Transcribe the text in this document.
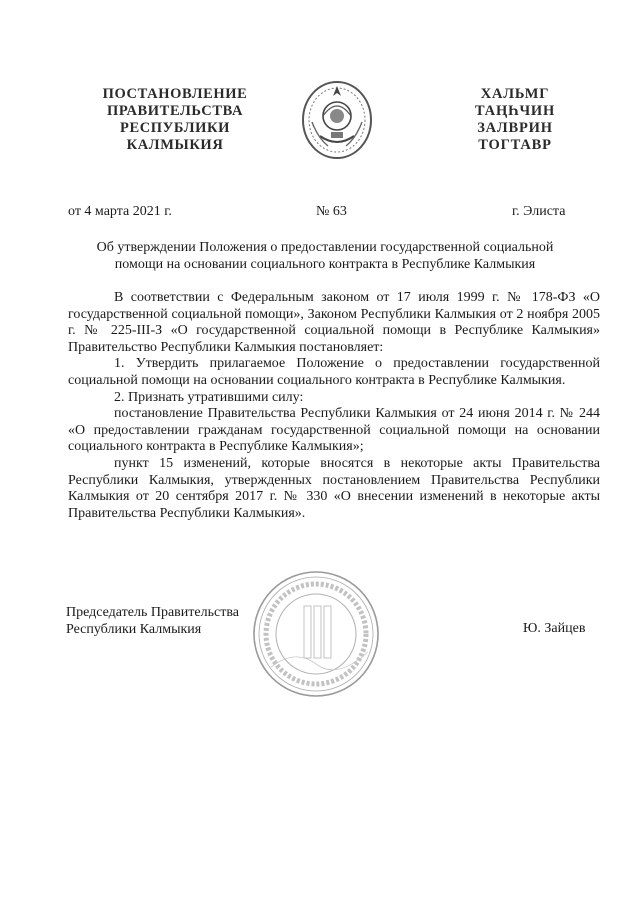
ПОСТАНОВЛЕНИЕ
ПРАВИТЕЛЬСТВА
РЕСПУБЛИКИ
КАЛМЫКИЯ
ХАЛЬМГ
ТАҢҺЧИН
ЗАЛВРИН
ТОГТАВР
от 4 марта 2021 г.	№ 63	г. Элиста
Об утверждении Положения о предоставлении государственной социальной
помощи на основании социального контракта в Республике Калмыкия

В соответствии с Федеральным законом от 17 июля 1999 г. № 178-ФЗ «О государственной социальной помощи», Законом Республики Калмыкия от 2 ноября 2005 г. № 225-III-З «О государственной социальной помощи в Республике Калмыкия» Правительство Республики Калмыкия постановляет:

1. Утвердить прилагаемое Положение о предоставлении государственной социальной помощи на основании социального контракта в Республике Калмыкия.

2. Признать утратившими силу:

постановление Правительства Республики Калмыкия от 24 июня 2014 г. № 244 «О предоставлении гражданам государственной социальной помощи на основании социального контракта в Республике Калмыкия»;

пункт 15 изменений, которые вносятся в некоторые акты Правительства Республики Калмыкия, утвержденных постановлением Правительства Республики Калмыкия от 20 сентября 2017 г. № 330 «О внесении изменений в некоторые акты Правительства Республики Калмыкия».

Председатель Правительства
Республики Калмыкия	Ю. Зайцев
